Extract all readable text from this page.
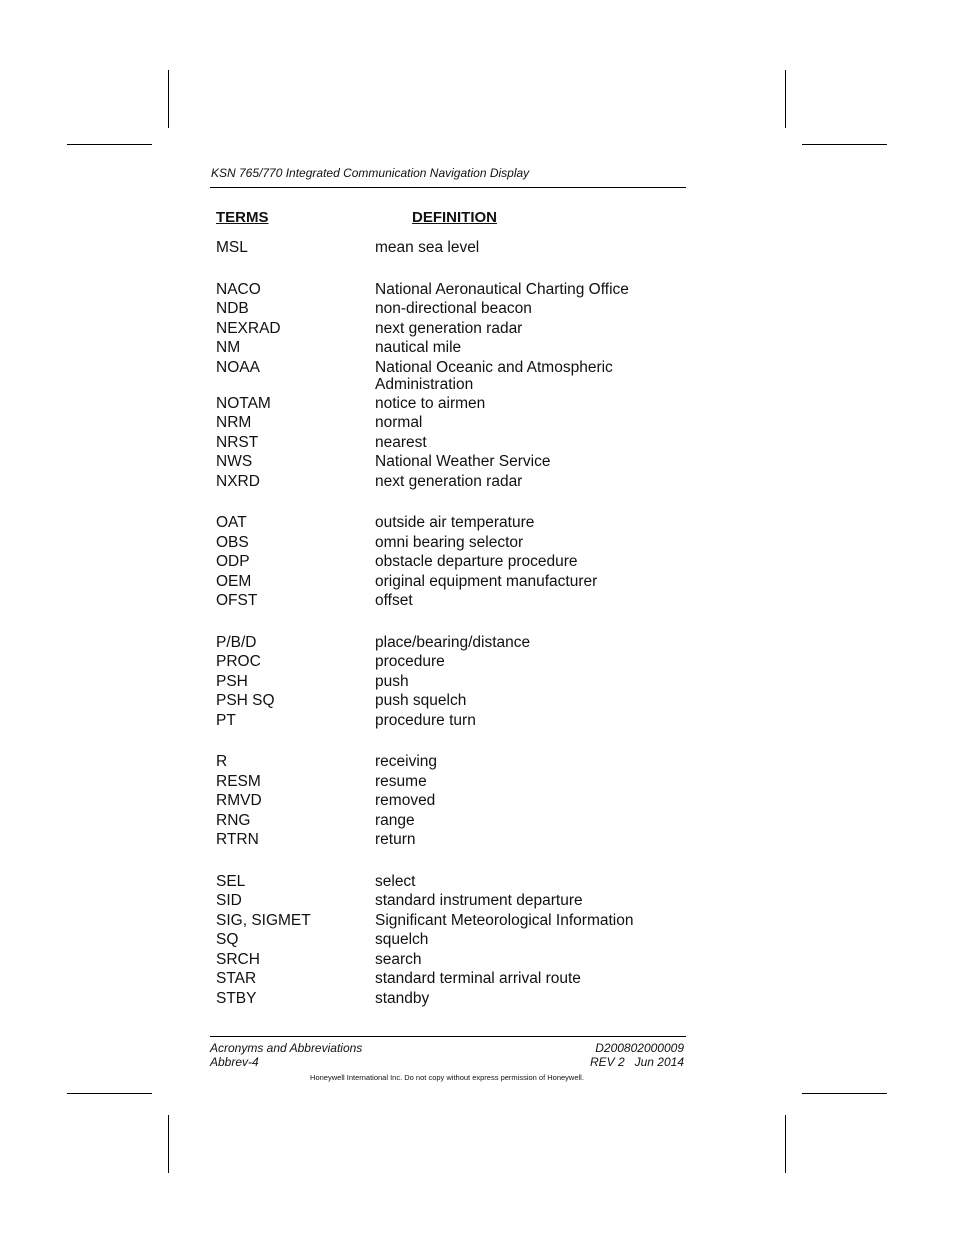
KSN 765/770 Integrated Communication Navigation Display
TERMS	DEFINITION
MSL	mean sea level
NACO	National Aeronautical Charting Office
NDB	non-directional beacon
NEXRAD	next generation radar
NM	nautical mile
NOAA	National Oceanic and Atmospheric Administration
NOTAM	notice to airmen
NRM	normal
NRST	nearest
NWS	National Weather Service
NXRD	next generation radar
OAT	outside air temperature
OBS	omni bearing selector
ODP	obstacle departure procedure
OEM	original equipment manufacturer
OFST	offset
P/B/D	place/bearing/distance
PROC	procedure
PSH	push
PSH SQ	push squelch
PT	procedure turn
R	receiving
RESM	resume
RMVD	removed
RNG	range
RTRN	return
SEL	select
SID	standard instrument departure
SIG, SIGMET	Significant Meteorological Information
SQ	squelch
SRCH	search
STAR	standard terminal arrival route
STBY	standby
Acronyms and Abbreviations
Abbrev-4
D200802000009
REV 2   Jun 2014
Honeywell International Inc. Do not copy without express permission of Honeywell.
